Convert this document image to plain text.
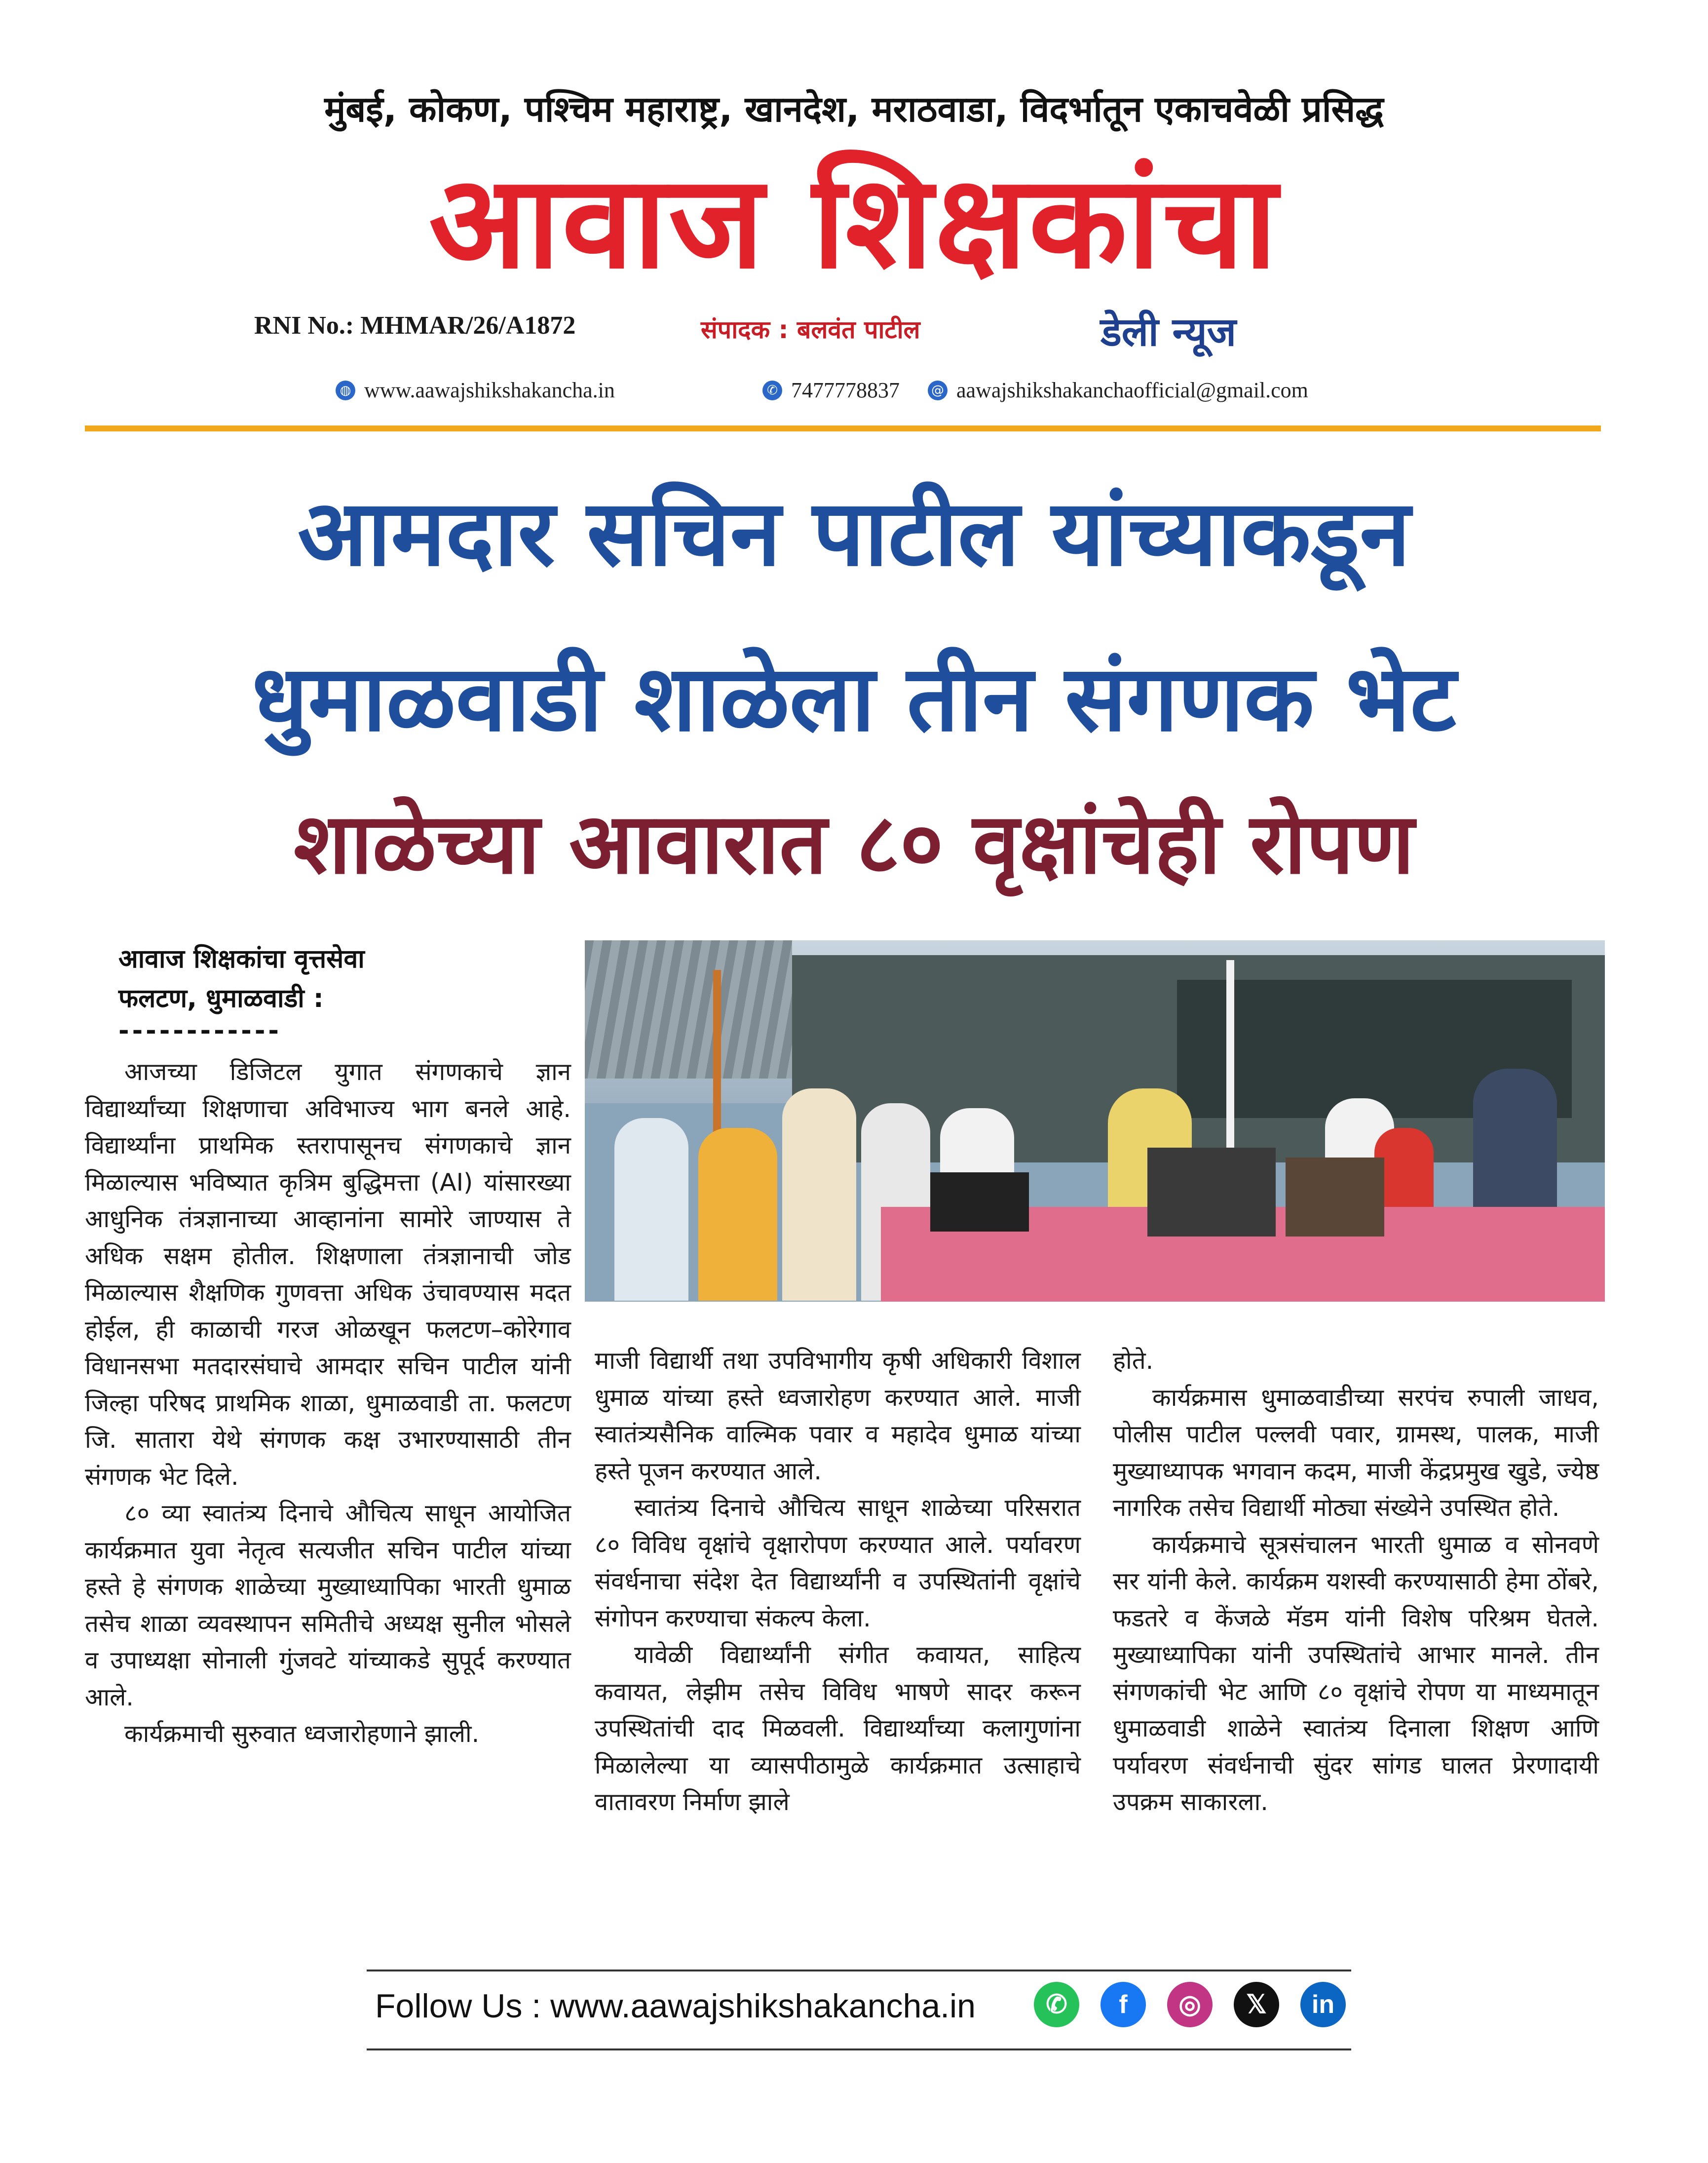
मुंबई, कोकण, पश्चिम महाराष्ट्र, खानदेश, मराठवाडा, विदर्भातून एकाचवेळी प्रसिद्ध
आवाज शिक्षकांचा
RNI No.: MHMAR/26/A1872	संपादक : बलवंत पाटील	डेली न्यूज
◍ www.aawajshikshakancha.in	✆ 7477778837 @ aawajshikshakanchaofficial@gmail.com
आमदार सचिन पाटील यांच्याकडून
धुमाळवाडी शाळेला तीन संगणक भेट
शाळेच्या आवारात ८० वृक्षांचेही रोपण
आवाज शिक्षकांचा वृत्तसेवा
फलटण, धुमाळवाडी :
------------

आजच्या डिजिटल युगात संगणकाचे ज्ञान विद्यार्थ्यांच्या शिक्षणाचा अविभाज्य भाग बनले आहे. विद्यार्थ्यांना प्राथमिक स्तरापासूनच संगणकाचे ज्ञान मिळाल्यास भविष्यात कृत्रिम बुद्धिमत्ता (AI) यांसारख्या आधुनिक तंत्रज्ञानाच्या आव्हानांना सामोरे जाण्यास ते अधिक सक्षम होतील. शिक्षणाला तंत्रज्ञानाची जोड मिळाल्यास शैक्षणिक गुणवत्ता अधिक उंचावण्यास मदत होईल, ही काळाची गरज ओळखून फलटण–कोरेगाव विधानसभा मतदारसंघाचे आमदार सचिन पाटील यांनी जिल्हा परिषद प्राथमिक शाळा, धुमाळवाडी ता. फलटण जि. सातारा येथे संगणक कक्ष उभारण्यासाठी तीन संगणक भेट दिले.

८० व्या स्वातंत्र्य दिनाचे औचित्य साधून आयोजित कार्यक्रमात युवा नेतृत्व सत्यजीत सचिन पाटील यांच्या हस्ते हे संगणक शाळेच्या मुख्याध्यापिका भारती धुमाळ तसेच शाळा व्यवस्थापन समितीचे अध्यक्ष सुनील भोसले व उपाध्यक्षा सोनाली गुंजवटे यांच्याकडे सुपूर्द करण्यात आले.

कार्यक्रमाची सुरुवात ध्वजारोहणाने झाली.

माजी विद्यार्थी तथा उपविभागीय कृषी अधिकारी विशाल धुमाळ यांच्या हस्ते ध्वजारोहण करण्यात आले. माजी स्वातंत्र्यसैनिक वाल्मिक पवार व महादेव धुमाळ यांच्या हस्ते पूजन करण्यात आले.

स्वातंत्र्य दिनाचे औचित्य साधून शाळेच्या परिसरात ८० विविध वृक्षांचे वृक्षारोपण करण्यात आले. पर्यावरण संवर्धनाचा संदेश देत विद्यार्थ्यांनी व उपस्थितांनी वृक्षांचे संगोपन करण्याचा संकल्प केला.

यावेळी विद्यार्थ्यांनी संगीत कवायत, साहित्य कवायत, लेझीम तसेच विविध भाषणे सादर करून उपस्थितांची दाद मिळवली. विद्यार्थ्यांच्या कलागुणांना मिळालेल्या या व्यासपीठामुळे कार्यक्रमात उत्साहाचे वातावरण निर्माण झाले

होते.

कार्यक्रमास धुमाळवाडीच्या सरपंच रुपाली जाधव, पोलीस पाटील पल्लवी पवार, ग्रामस्थ, पालक, माजी मुख्याध्यापक भगवान कदम, माजी केंद्रप्रमुख खुडे, ज्येष्ठ नागरिक तसेच विद्यार्थी मोठ्या संख्येने उपस्थित होते.

कार्यक्रमाचे सूत्रसंचालन भारती धुमाळ व सोनवणे सर यांनी केले. कार्यक्रम यशस्वी करण्यासाठी हेमा ठोंबरे, फडतरे व केंजळे मॅडम यांनी विशेष परिश्रम घेतले. मुख्याध्यापिका यांनी उपस्थितांचे आभार मानले. तीन संगणकांची भेट आणि ८० वृक्षांचे रोपण या माध्यमातून धुमाळवाडी शाळेने स्वातंत्र्य दिनाला शिक्षण आणि पर्यावरण संवर्धनाची सुंदर सांगड घालत प्रेरणादायी उपक्रम साकारला.

Follow Us : www.aawajshikshakancha.in	✆ f ◎ 𝕏 in
